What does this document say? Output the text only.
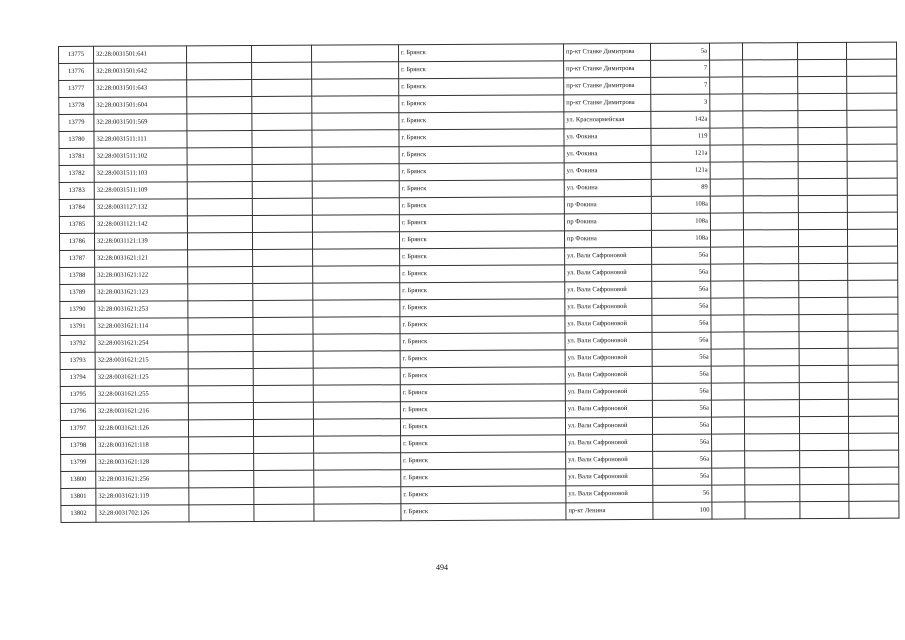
13775	32:28:0031501:641				г. Брянск	пр-кт Станке Димитрова	5а				
13776	32:28:0031501:642				г. Брянск	пр-кт Станке Димитрова	7				
13777	32:28:0031501:643				г. Брянск	пр-кт Станке Димитрова	7				
13778	32:28:0031501:604				г. Брянск	пр-кт Станке Димитрова	3				
13779	32:28:0031501:569				г. Брянск	ул. Красноармейская	142а				
13780	32:28:0031511:111				г. Брянск	ул. Фокина	119				
13781	32:28:0031511:102				г. Брянск	ул. Фокина	121а				
13782	32:28:0031511:103				г. Брянск	ул. Фокина	121а				
13783	32:28:0031511:109				г. Брянск	ул. Фокина	89				
13784	32:28:0031127:132				г. Брянск	пр Фокина	108а				
13785	32:28:0031121:142				г. Брянск	пр Фокина	108а				
13786	32:28:0031121:139				г. Брянск	пр Фокина	108а				
13787	32:28:0031621:121				г. Брянск	ул. Вали Сафроновой	56а				
13788	32:28:0031621:122				г. Брянск	ул. Вали Сафроновой	56а				
13789	32:28:0031621:123				г. Брянск	ул. Вали Сафроновой	56а				
13790	32:28:0031621:253				г. Брянск	ул. Вали Сафроновой	56а				
13791	32:28:0031621:114				г. Брянск	ул. Вали Сафроновой	56а				
13792	32:28:0031621:254				г. Брянск	ул. Вали Сафроновой	56а				
13793	32:28:0031621:215				г. Брянск	ул. Вали Сафроновой	56а				
13794	32:28:0031621:125				г. Брянск	ул. Вали Сафроновой	56а				
13795	32:28:0031621:255				г. Брянск	ул. Вали Сафроновой	56а				
13796	32:28:0031621:216				г. Брянск	ул. Вали Сафроновой	56а				
13797	32:28:0031621:126				г. Брянск	ул. Вали Сафроновой	56а				
13798	32:28:0031621:118				г. Брянск	ул. Вали Сафроновой	56а				
13799	32:28:0031621:128				г. Брянск	ул. Вали Сафроновой	56а				
13800	32:28:0031621:256				г. Брянск	ул. Вали Сафроновой	56а				
13801	32:28:0031621:119				г. Брянск	ул. Вали Сафроновой	56				
13802	32:28:0031702:126				г. Брянск	пр-кт Ленина	100				
494
